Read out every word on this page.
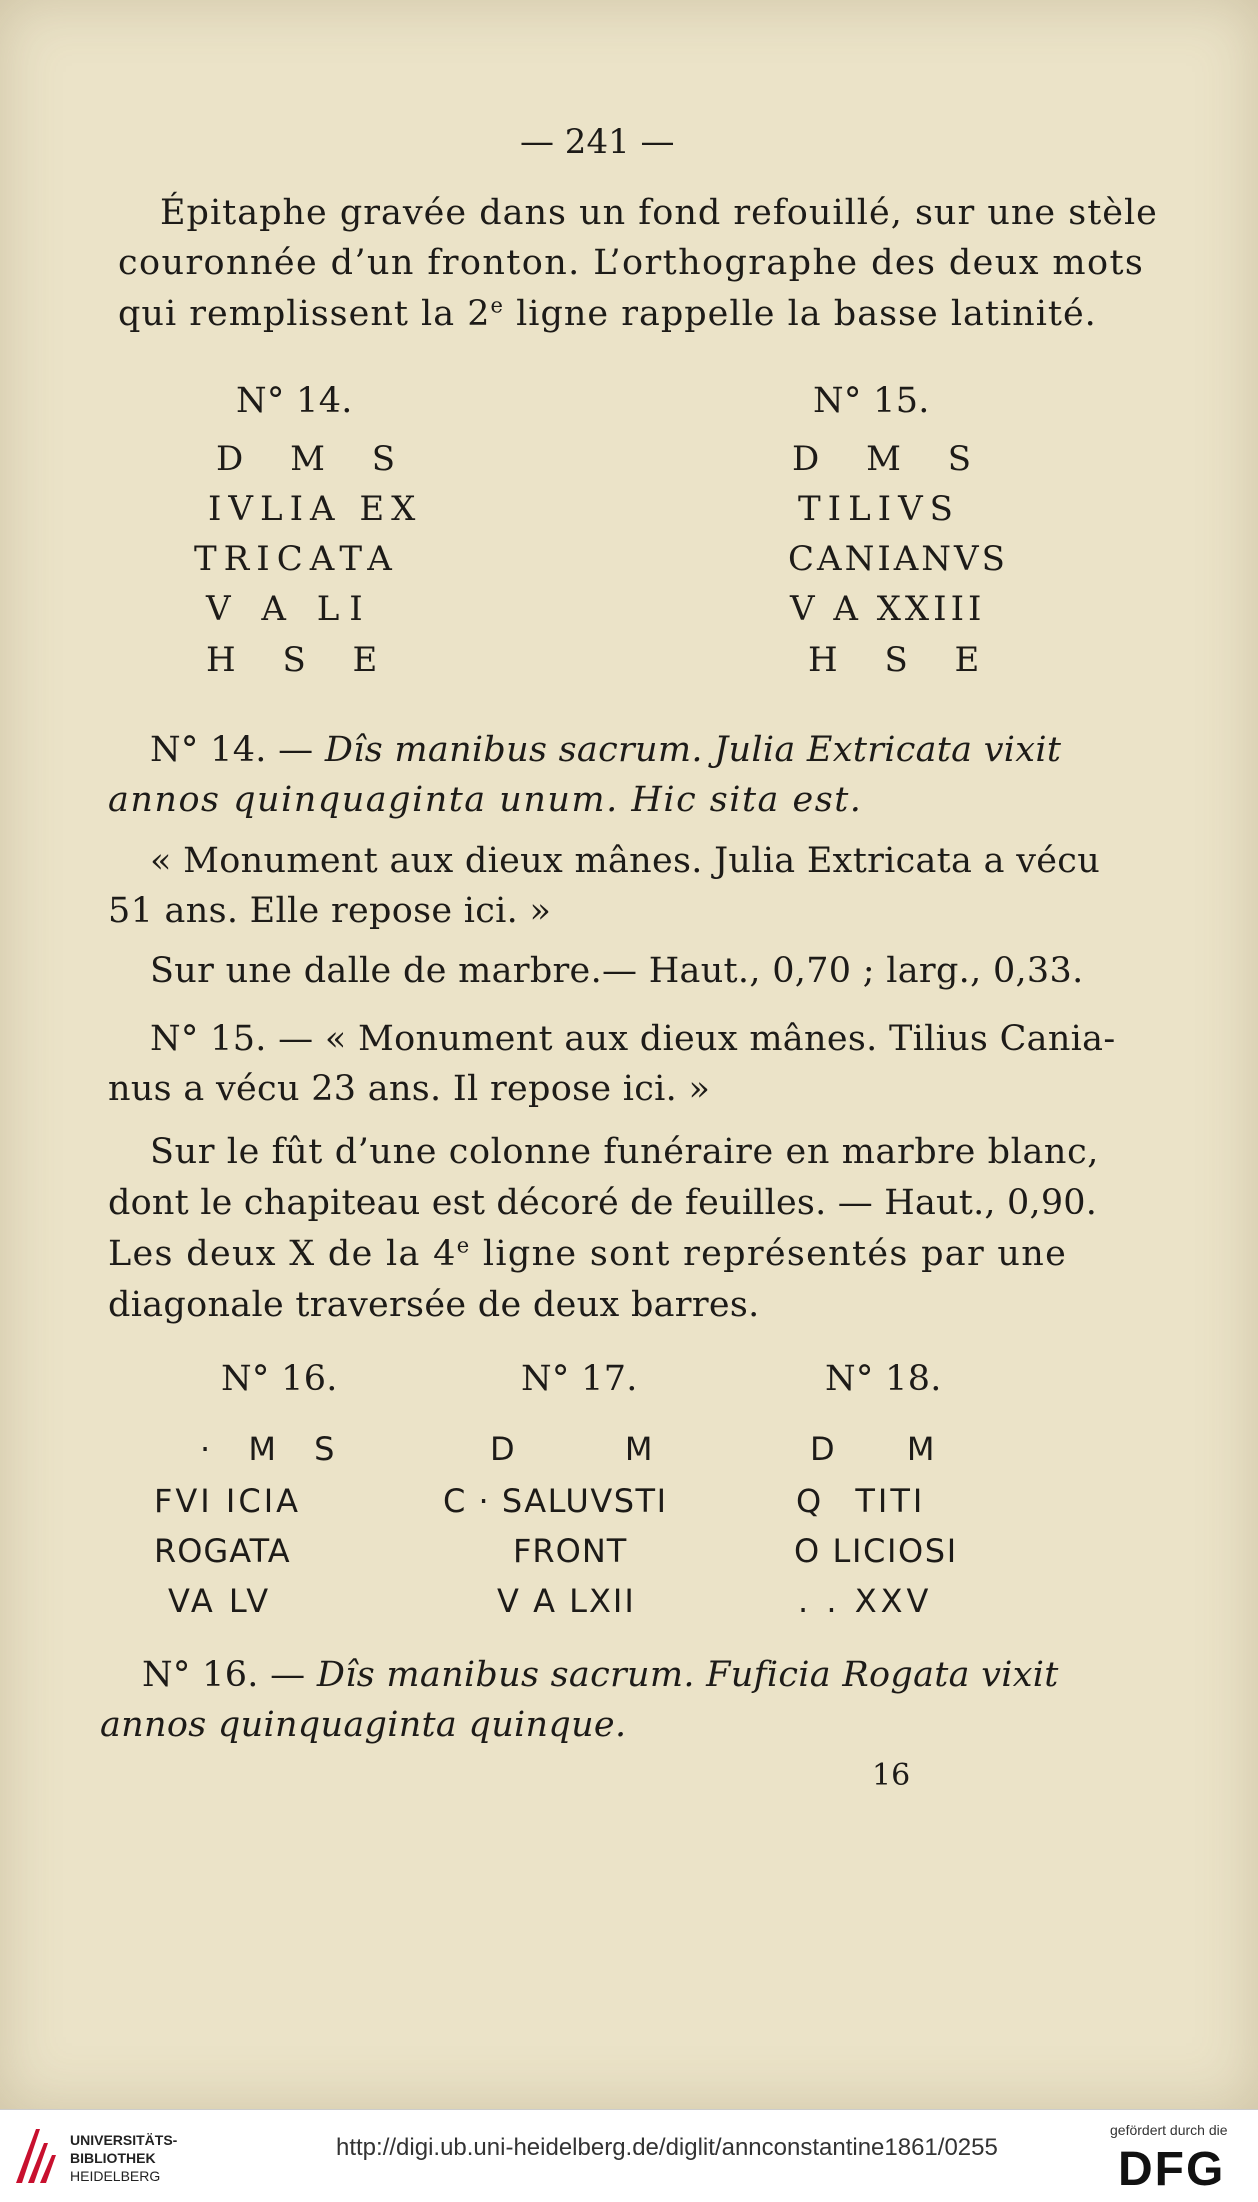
— 241 —
Épitaphe gravée dans un fond refouillé, sur une stèle
couronnée d’un fronton. L’orthographe des deux mots
qui remplissent la 2e ligne rappelle la basse latinité.
N° 14.
D M S
IVLIA EX
TRICATA
V A LI
H S E
N° 15.
D M S
TILIVS
CANIANVS
V A XXIII
H S E
N° 14. — Dîs manibus sacrum. Julia Extricata vixit
annos quinquaginta unum. Hic sita est.
« Monument aux dieux mânes. Julia Extricata a vécu
51 ans. Elle repose ici. »
Sur une dalle de marbre.— Haut., 0,70 ; larg., 0,33.
N° 15. — « Monument aux dieux mânes. Tilius Cania-
nus a vécu 23 ans. Il repose ici. »
Sur le fût d’une colonne funéraire en marbre blanc,
dont le chapiteau est décoré de feuilles. — Haut., 0,90.
Les deux X de la 4e ligne sont représentés par une
diagonale traversée de deux barres.
N° 16.	N° 17.	N° 18.
· M S
FVI ICIA
ROGATA
VA LV
D M
C · SALUVSTI
FRONT
V A LXII
D M
Q TITI
O LICIOSI
. . XXV
N° 16. — Dîs manibus sacrum. Fuficia Rogata vixit
annos quinquaginta quinque.
16
UNIVERSITÄTS-
BIBLIOTHEK
HEIDELBERG
http://digi.ub.uni-heidelberg.de/diglit/annconstantine1861/0255
gefördert durch die
DFG
